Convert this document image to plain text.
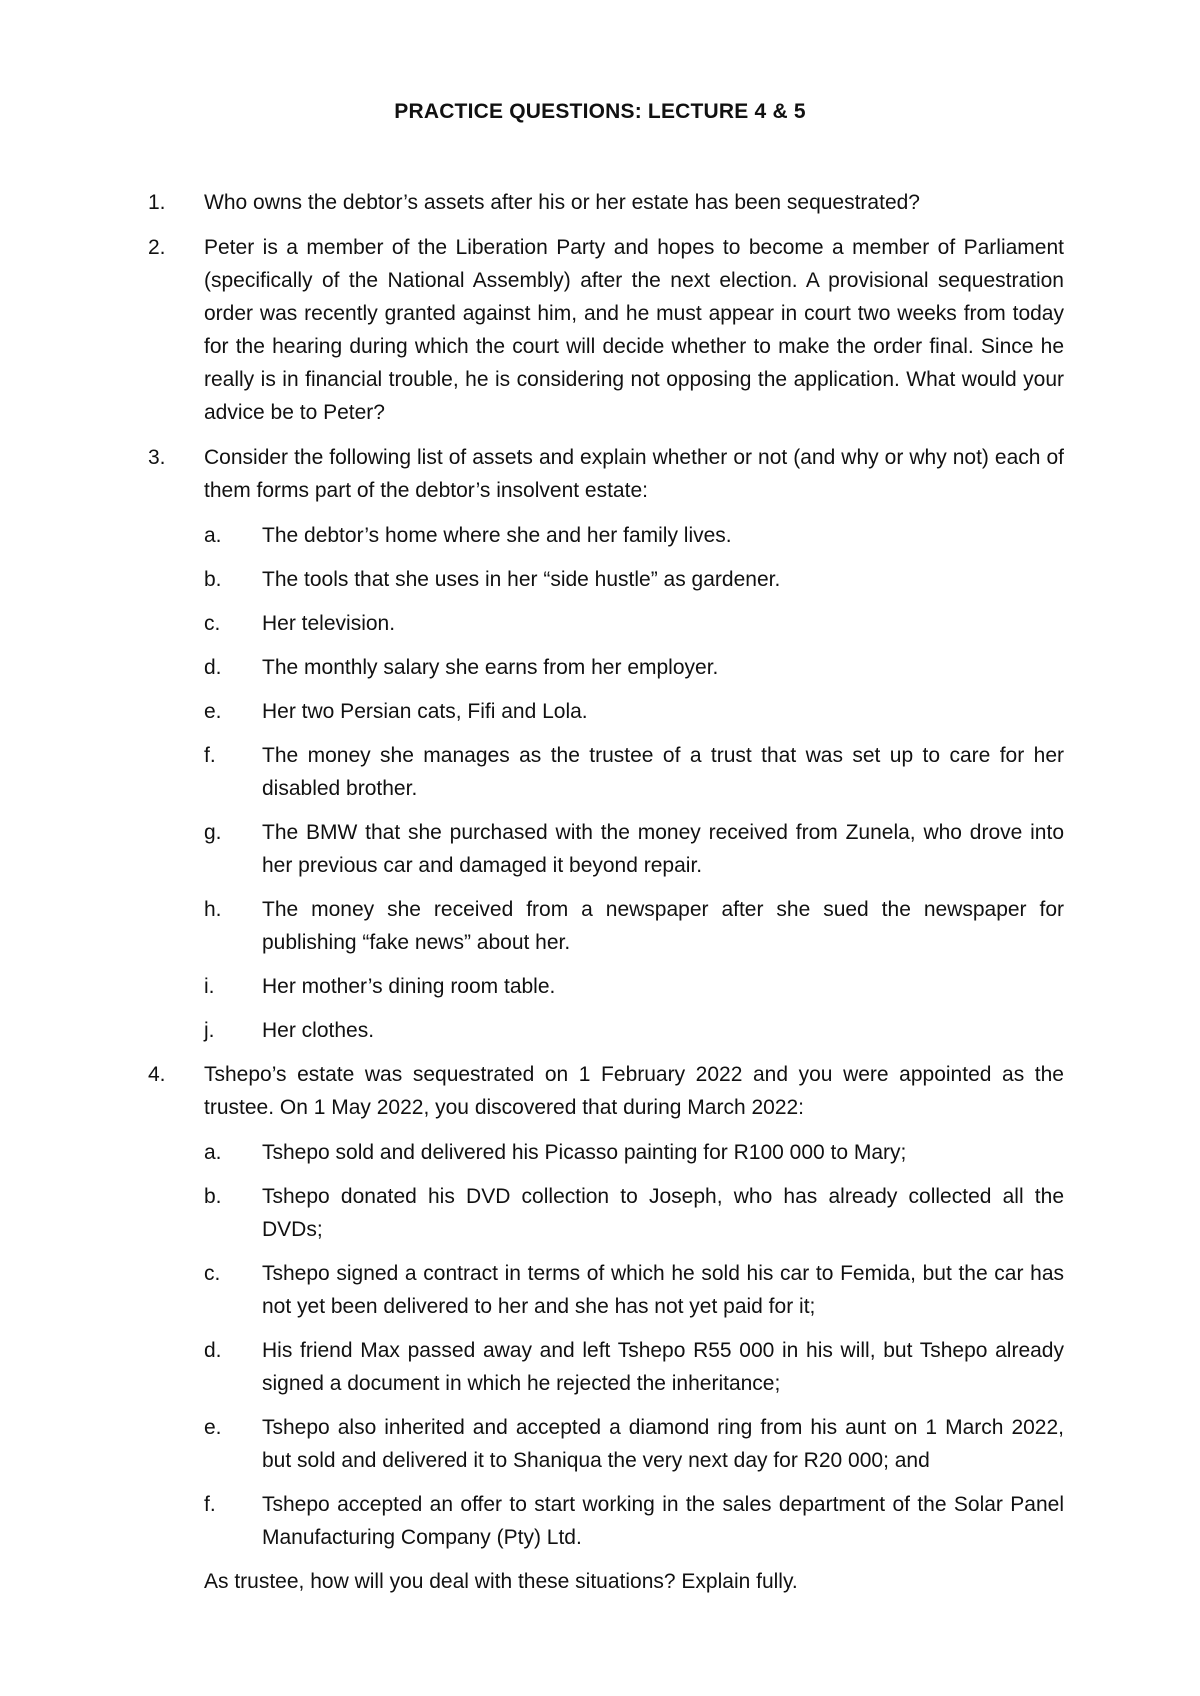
PRACTICE QUESTIONS: LECTURE 4 & 5
1.	Who owns the debtor’s assets after his or her estate has been sequestrated?
2.	Peter is a member of the Liberation Party and hopes to become a member of Parliament (specifically of the National Assembly) after the next election. A provisional sequestration order was recently granted against him, and he must appear in court two weeks from today for the hearing during which the court will decide whether to make the order final. Since he really is in financial trouble, he is considering not opposing the application. What would your advice be to Peter?
3.	Consider the following list of assets and explain whether or not (and why or why not) each of them forms part of the debtor’s insolvent estate:
a.	The debtor’s home where she and her family lives.
b.	The tools that she uses in her “side hustle” as gardener.
c.	Her television.
d.	The monthly salary she earns from her employer.
e.	Her two Persian cats, Fifi and Lola.
f.	The money she manages as the trustee of a trust that was set up to care for her disabled brother.
g.	The BMW that she purchased with the money received from Zunela, who drove into her previous car and damaged it beyond repair.
h.	The money she received from a newspaper after she sued the newspaper for publishing “fake news” about her.
i.	Her mother’s dining room table.
j.	Her clothes.
4.	Tshepo’s estate was sequestrated on 1 February 2022 and you were appointed as the trustee. On 1 May 2022, you discovered that during March 2022:
a.	Tshepo sold and delivered his Picasso painting for R100 000 to Mary;
b.	Tshepo donated his DVD collection to Joseph, who has already collected all the DVDs;
c.	Tshepo signed a contract in terms of which he sold his car to Femida, but the car has not yet been delivered to her and she has not yet paid for it;
d.	His friend Max passed away and left Tshepo R55 000 in his will, but Tshepo already signed a document in which he rejected the inheritance;
e.	Tshepo also inherited and accepted a diamond ring from his aunt on 1 March 2022, but sold and delivered it to Shaniqua the very next day for R20 000; and
f.	Tshepo accepted an offer to start working in the sales department of the Solar Panel Manufacturing Company (Pty) Ltd.
As trustee, how will you deal with these situations? Explain fully.
